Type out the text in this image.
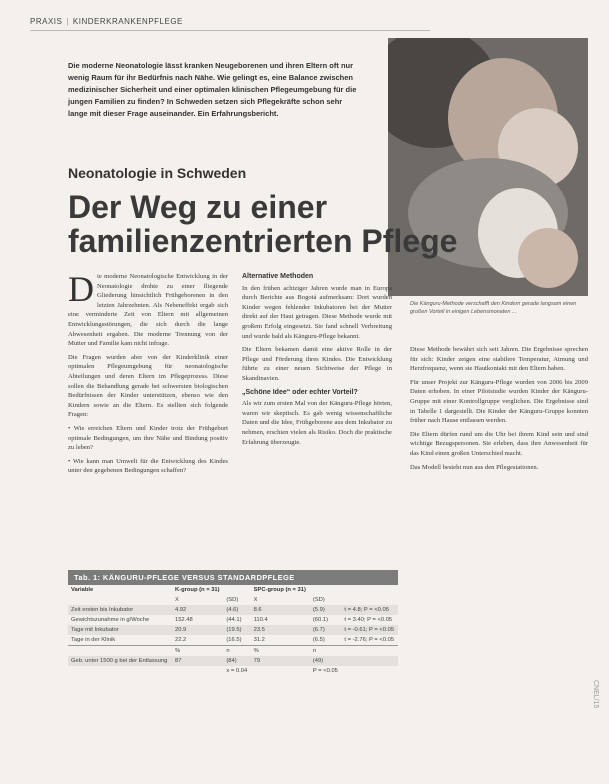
PRAXIS | KINDERKRANKENPFLEGE
Die moderne Neonatologie lässt kranken Neugeborenen und ihren Eltern oft nur wenig Raum für ihr Bedürfnis nach Nähe. Wie gelingt es, eine Balance zwischen medizinischer Sicherheit und einer optimalen klinischen Pflegeumgebung für die jungen Familien zu finden? In Schweden setzen sich Pflegekräfte schon sehr lange mit dieser Frage auseinander. Ein Erfahrungsbericht.
Die Känguru-Methode verschafft den Kindern gerade langsam einen großen Vorteil in einigen Lebensmonaten ...
Neonatologie in Schweden
Der Weg zu einer familienzentrierten Pflege

Die moderne Neonatologische Entwicklung in der Neonatologie drohte zu einer fliegende Gliederung hinsichtlich Frühgeborenen in den letzten Jahrzehnten. Als Nebeneffekt ergab sich eine verminderte Zeit von Eltern mit allgemeinen Entwicklungsstörungen, die sich durch die lange Abwesenheit ergaben. Die moderne Trennung von der Mutter und Familie kam nicht infrage.

Die Fragen wurden aber von der Kinderklinik einer optimalen Pflegeumgebung für neonatologische Abteilungen und deren Eltern im Pflegeprozess. Diese sollen die Behandlung gerade bei schwersten biologischen Bedürfnissen der Kinder unterstützen, ebenso wie den Kindern sowie an die Eltern. Es stellten sich folgende Fragen:

• Wie erreichen Eltern und Kinder trotz der Frühgeburt optimale Bedingungen, um ihre Nähe und Bindung positiv zu leben?

• Wie kann man Umwelt für die Entwicklung des Kindes unter den gegebenen Bedingungen schaffen?

Alternative Methoden

In den frühen achtziger Jahren wurde man in Europa durch Berichte aus Bogotá aufmerksam: Dort wurden Kinder wegen fehlender Inkubatoren bei der Mutter direkt auf der Haut getragen. Diese Methode wurde mit großem Erfolg eingesetzt. Sie fand schnell Verbreitung und wurde bald als Känguru-Pflege bekannt.

Die Eltern bekamen damit eine aktive Rolle in der Pflege und Förderung ihres Kindes. Die Entwicklung führte zu einer neuen Sichtweise der Pflege in Skandinavien.

„Schöne Idee“ oder echter Vorteil?

Als wir zum ersten Mal von der Känguru-Pflege hörten, waren wir skeptisch. Es gab wenig wissenschaftliche Daten und die Idee, Frühgeborene aus dem Inkubator zu nehmen, erschien vielen als Risiko. Doch die praktische Erfahrung überzeugte.

Diese Methode bewährt sich seit Jahren. Die Ergebnisse sprechen für sich: Kinder zeigen eine stabilere Temperatur, Atmung und Herzfrequenz, wenn sie Hautkontakt mit den Eltern haben.

Für unser Projekt zur Känguru-Pflege wurden von 2006 bis 2009 Daten erhoben. In einer Pilotstudie wurden Kinder der Känguru-Gruppe mit einer Kontrollgruppe verglichen. Die Ergebnisse sind in Tabelle 1 dargestellt. Die Kinder der Känguru-Gruppe konnten früher nach Hause entlassen werden.

Die Eltern dürfen rund um die Uhr bei ihrem Kind sein und sind wichtige Bezugspersonen. Sie erleben, dass ihre Anwesenheit für das Kind einen großen Unterschied macht.

Das Modell besteht nun aus den Pflegestationen.

Tab. 1: KÄNGURU-PFLEGE VERSUS STANDARDPFLEGE
Variable	K-group (n = 31)		SPC-group (n = 31)		
	X	(SD)	X	(SD)	
Zeit ersten bis Inkubator	4.92	(4.6)	8.6	(5.9)	t = 4.8; P = <0.05
Gewichtszunahme in g/Woche	152.48	(44.1)	110.4	(60.1)	t = 3.40; P = <0.05
Tage mit Inkubator	20.9	(19.5)	23.5	(6.7)	t = -0.61; P = <0.05
Tage in der Klinik	22.2	(16.5)	31.2	(6.5)	t = -2.76; P = <0.05
	%	n	%	n	
Geb. unter 1500 g bei der Entlassung	87	(84)	79	(49)	
		x = 0.04		P = <0.05	
CNEL/15
